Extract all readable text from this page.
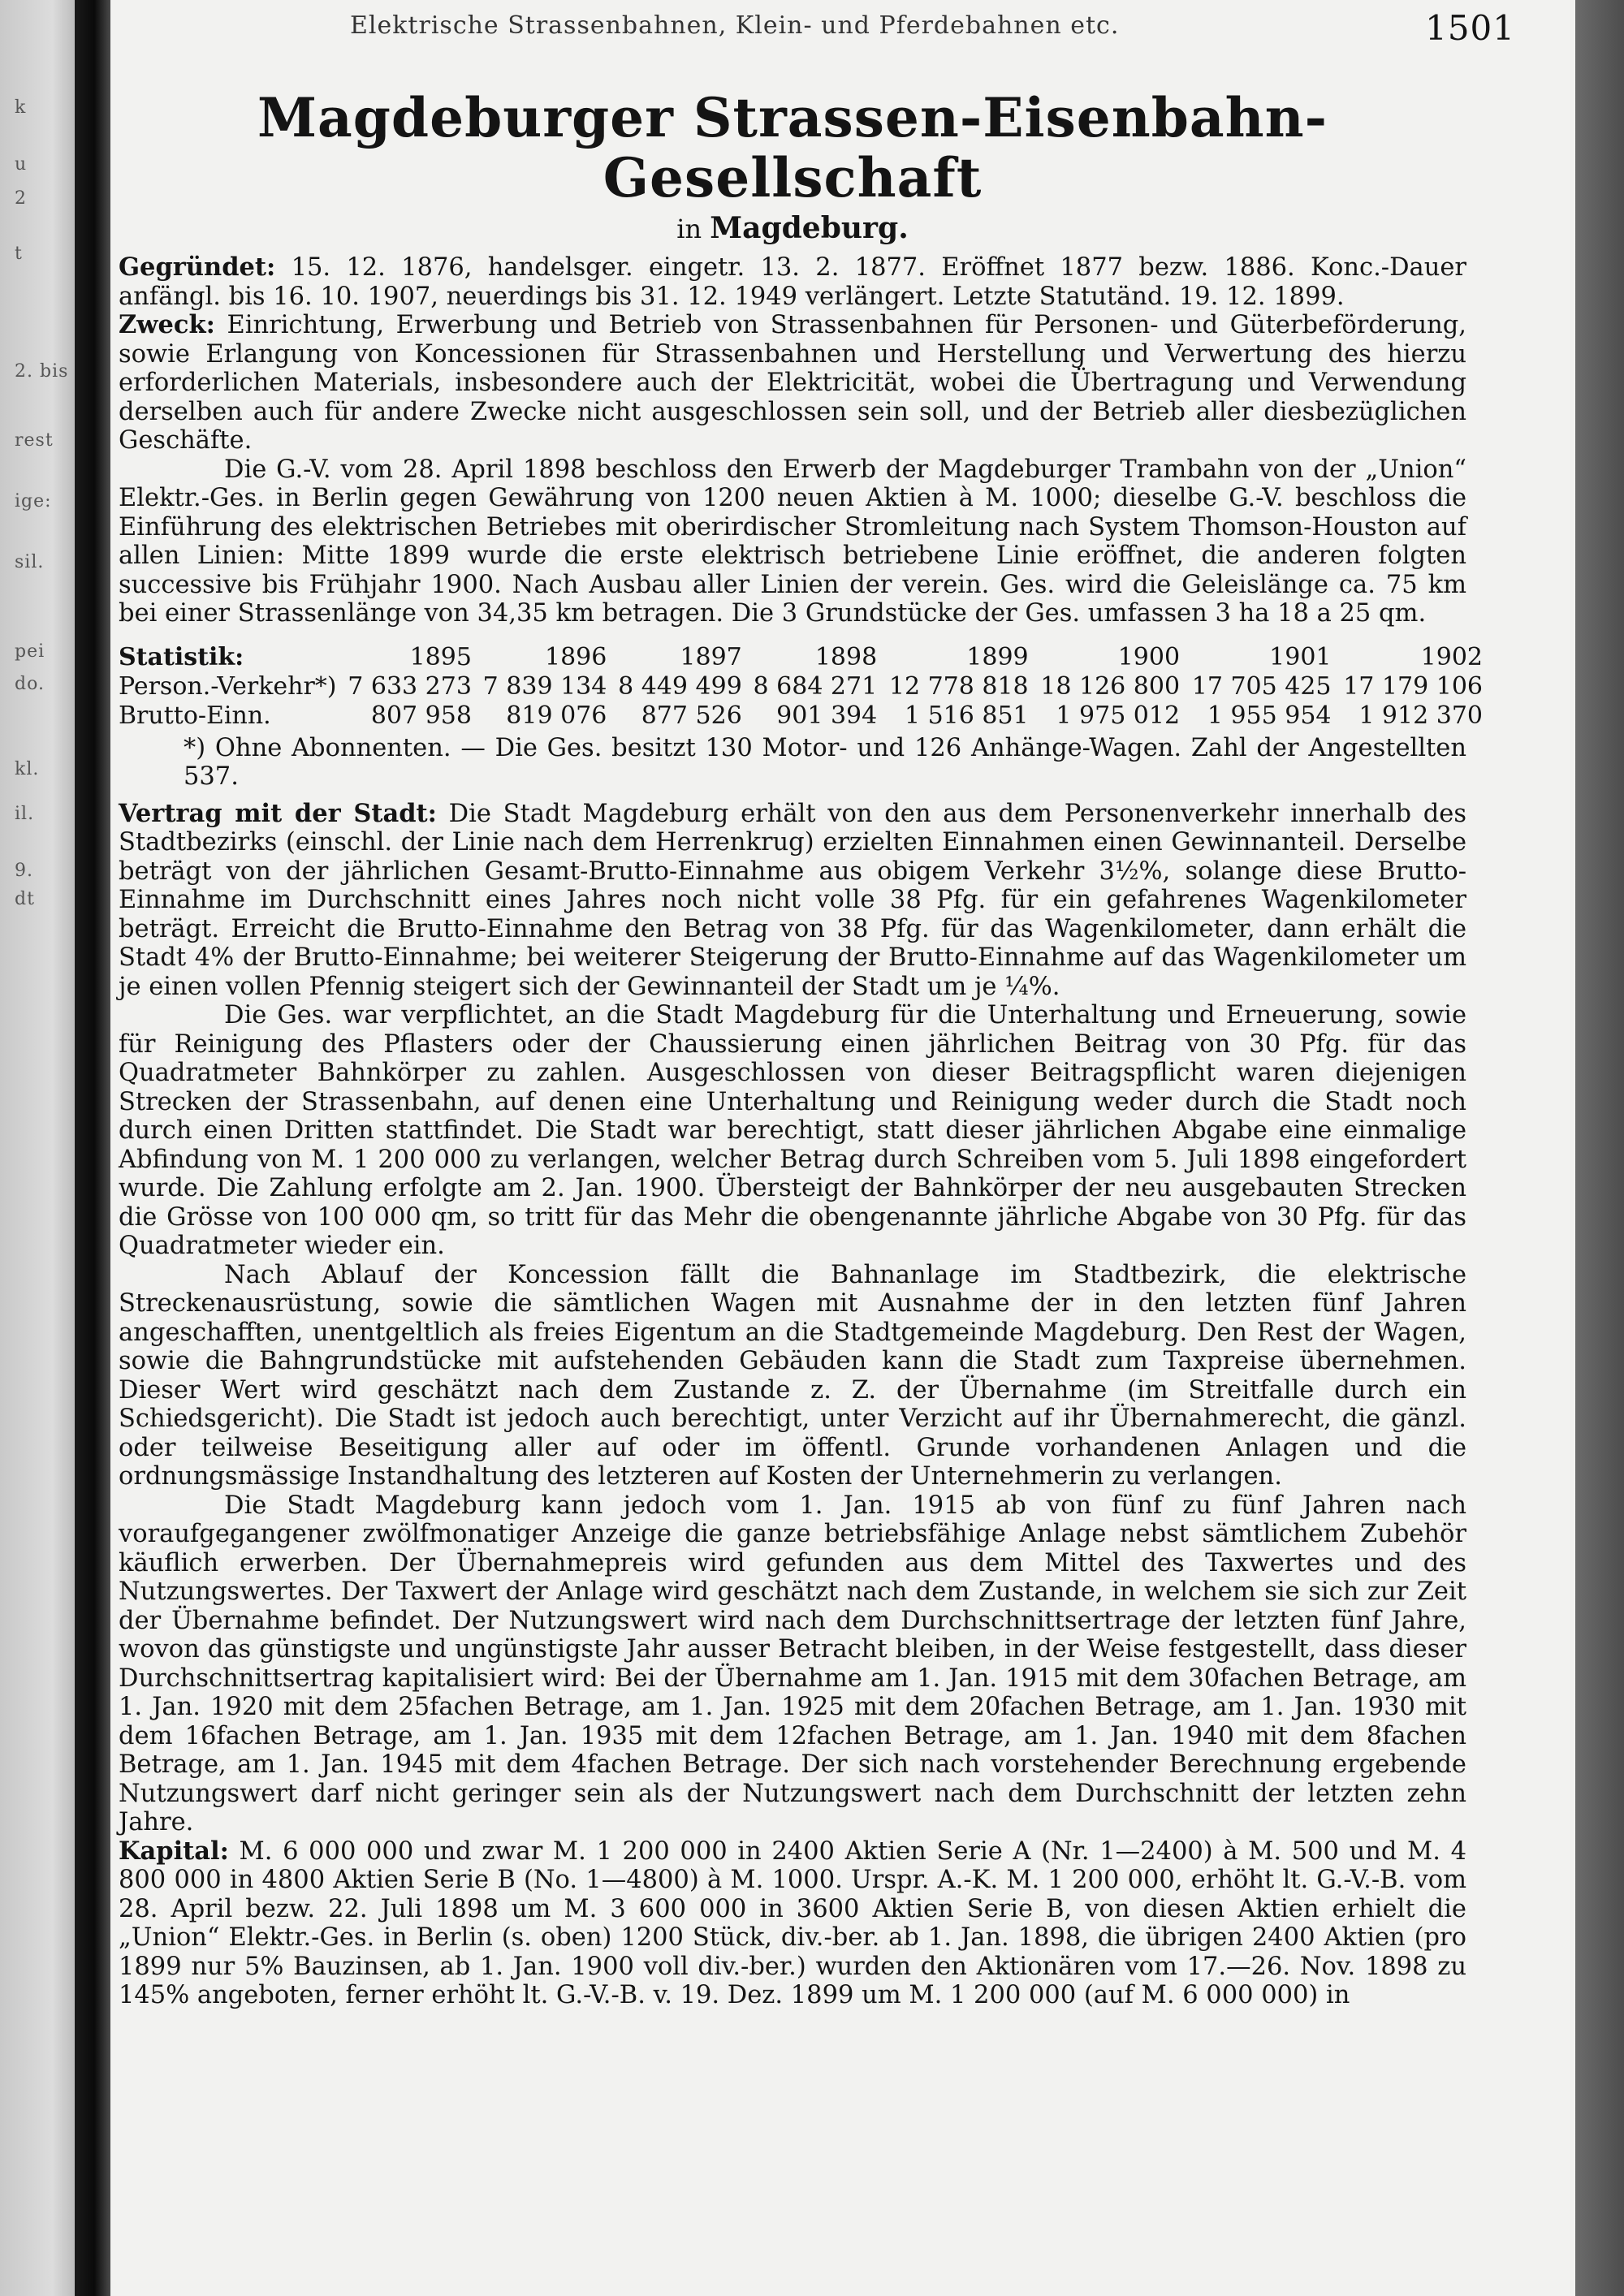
k
u
2
t
2. bis
rest
ige:
sil.
pei
do.
kl.
il.
9.
dt
Elektrische Strassenbahnen, Klein- und Pferdebahnen etc.	1501
Magdeburger Strassen-Eisenbahn-Gesellschaft
in Magdeburg.

Gegründet: 15. 12. 1876, handelsger. eingetr. 13. 2. 1877. Eröffnet 1877 bezw. 1886. Konc.-Dauer anfängl. bis 16. 10. 1907, neuerdings bis 31. 12. 1949 verlängert. Letzte Statutänd. 19. 12. 1899.

Zweck: Einrichtung, Erwerbung und Betrieb von Strassenbahnen für Personen- und Güterbeförderung, sowie Erlangung von Koncessionen für Strassenbahnen und Herstellung und Verwertung des hierzu erforderlichen Materials, insbesondere auch der Elektricität, wobei die Übertragung und Verwendung derselben auch für andere Zwecke nicht ausgeschlossen sein soll, und der Betrieb aller diesbezüglichen Geschäfte.

Die G.-V. vom 28. April 1898 beschloss den Erwerb der Magdeburger Trambahn von der „Union“ Elektr.-Ges. in Berlin gegen Gewährung von 1200 neuen Aktien à M. 1000; dieselbe G.-V. beschloss die Einführung des elektrischen Betriebes mit oberirdischer Stromleitung nach System Thomson-Houston auf allen Linien: Mitte 1899 wurde die erste elektrisch betriebene Linie eröffnet, die anderen folgten successive bis Frühjahr 1900. Nach Ausbau aller Linien der verein. Ges. wird die Geleislänge ca. 75 km bei einer Strassenlänge von 34,35 km betragen. Die 3 Grundstücke der Ges. umfassen 3 ha 18 a 25 qm.

Statistik:	1895	1896	1897	1898	1899	1900	1901	1902
Person.-Verkehr*)	7 633 273	7 839 134	8 449 499	8 684 271	12 778 818	18 126 800	17 705 425	17 179 106
Brutto-Einn.	807 958	819 076	877 526	901 394	1 516 851	1 975 012	1 955 954	1 912 370

*) Ohne Abonnenten. — Die Ges. besitzt 130 Motor- und 126 Anhänge-Wagen. Zahl der Angestellten 537.

Vertrag mit der Stadt: Die Stadt Magdeburg erhält von den aus dem Personenverkehr innerhalb des Stadtbezirks (einschl. der Linie nach dem Herrenkrug) erzielten Einnahmen einen Gewinnanteil. Derselbe beträgt von der jährlichen Gesamt-Brutto-Einnahme aus obigem Verkehr 3½%, solange diese Brutto-Einnahme im Durchschnitt eines Jahres noch nicht volle 38 Pfg. für ein gefahrenes Wagenkilometer beträgt. Erreicht die Brutto-Einnahme den Betrag von 38 Pfg. für das Wagenkilometer, dann erhält die Stadt 4% der Brutto-Einnahme; bei weiterer Steigerung der Brutto-Einnahme auf das Wagenkilometer um je einen vollen Pfennig steigert sich der Gewinnanteil der Stadt um je ¼%.

Die Ges. war verpflichtet, an die Stadt Magdeburg für die Unterhaltung und Erneuerung, sowie für Reinigung des Pflasters oder der Chaussierung einen jährlichen Beitrag von 30 Pfg. für das Quadratmeter Bahnkörper zu zahlen. Ausgeschlossen von dieser Beitragspflicht waren diejenigen Strecken der Strassenbahn, auf denen eine Unterhaltung und Reinigung weder durch die Stadt noch durch einen Dritten stattfindet. Die Stadt war berechtigt, statt dieser jährlichen Abgabe eine einmalige Abfindung von M. 1 200 000 zu verlangen, welcher Betrag durch Schreiben vom 5. Juli 1898 eingefordert wurde. Die Zahlung erfolgte am 2. Jan. 1900. Übersteigt der Bahnkörper der neu ausgebauten Strecken die Grösse von 100 000 qm, so tritt für das Mehr die obengenannte jährliche Abgabe von 30 Pfg. für das Quadratmeter wieder ein.

Nach Ablauf der Koncession fällt die Bahnanlage im Stadtbezirk, die elektrische Streckenausrüstung, sowie die sämtlichen Wagen mit Ausnahme der in den letzten fünf Jahren angeschafften, unentgeltlich als freies Eigentum an die Stadtgemeinde Magdeburg. Den Rest der Wagen, sowie die Bahngrundstücke mit aufstehenden Gebäuden kann die Stadt zum Taxpreise übernehmen. Dieser Wert wird geschätzt nach dem Zustande z. Z. der Übernahme (im Streitfalle durch ein Schiedsgericht). Die Stadt ist jedoch auch berechtigt, unter Verzicht auf ihr Übernahmerecht, die gänzl. oder teilweise Beseitigung aller auf oder im öffentl. Grunde vorhandenen Anlagen und die ordnungsmässige Instandhaltung des letzteren auf Kosten der Unternehmerin zu verlangen.

Die Stadt Magdeburg kann jedoch vom 1. Jan. 1915 ab von fünf zu fünf Jahren nach voraufgegangener zwölfmonatiger Anzeige die ganze betriebsfähige Anlage nebst sämtlichem Zubehör käuflich erwerben. Der Übernahmepreis wird gefunden aus dem Mittel des Taxwertes und des Nutzungswertes. Der Taxwert der Anlage wird geschätzt nach dem Zustande, in welchem sie sich zur Zeit der Übernahme befindet. Der Nutzungswert wird nach dem Durchschnittsertrage der letzten fünf Jahre, wovon das günstigste und ungünstigste Jahr ausser Betracht bleiben, in der Weise festgestellt, dass dieser Durchschnittsertrag kapitalisiert wird: Bei der Übernahme am 1. Jan. 1915 mit dem 30fachen Betrage, am 1. Jan. 1920 mit dem 25fachen Betrage, am 1. Jan. 1925 mit dem 20fachen Betrage, am 1. Jan. 1930 mit dem 16fachen Betrage, am 1. Jan. 1935 mit dem 12fachen Betrage, am 1. Jan. 1940 mit dem 8fachen Betrage, am 1. Jan. 1945 mit dem 4fachen Betrage. Der sich nach vorstehender Berechnung ergebende Nutzungswert darf nicht geringer sein als der Nutzungswert nach dem Durchschnitt der letzten zehn Jahre.

Kapital: M. 6 000 000 und zwar M. 1 200 000 in 2400 Aktien Serie A (Nr. 1—2400) à M. 500 und M. 4 800 000 in 4800 Aktien Serie B (No. 1—4800) à M. 1000. Urspr. A.-K. M. 1 200 000, erhöht lt. G.-V.-B. vom 28. April bezw. 22. Juli 1898 um M. 3 600 000 in 3600 Aktien Serie B, von diesen Aktien erhielt die „Union“ Elektr.-Ges. in Berlin (s. oben) 1200 Stück, div.-ber. ab 1. Jan. 1898, die übrigen 2400 Aktien (pro 1899 nur 5% Bauzinsen, ab 1. Jan. 1900 voll div.-ber.) wurden den Aktionären vom 17.—26. Nov. 1898 zu 145% angeboten, ferner erhöht lt. G.-V.-B. v. 19. Dez. 1899 um M. 1 200 000 (auf M. 6 000 000) in
